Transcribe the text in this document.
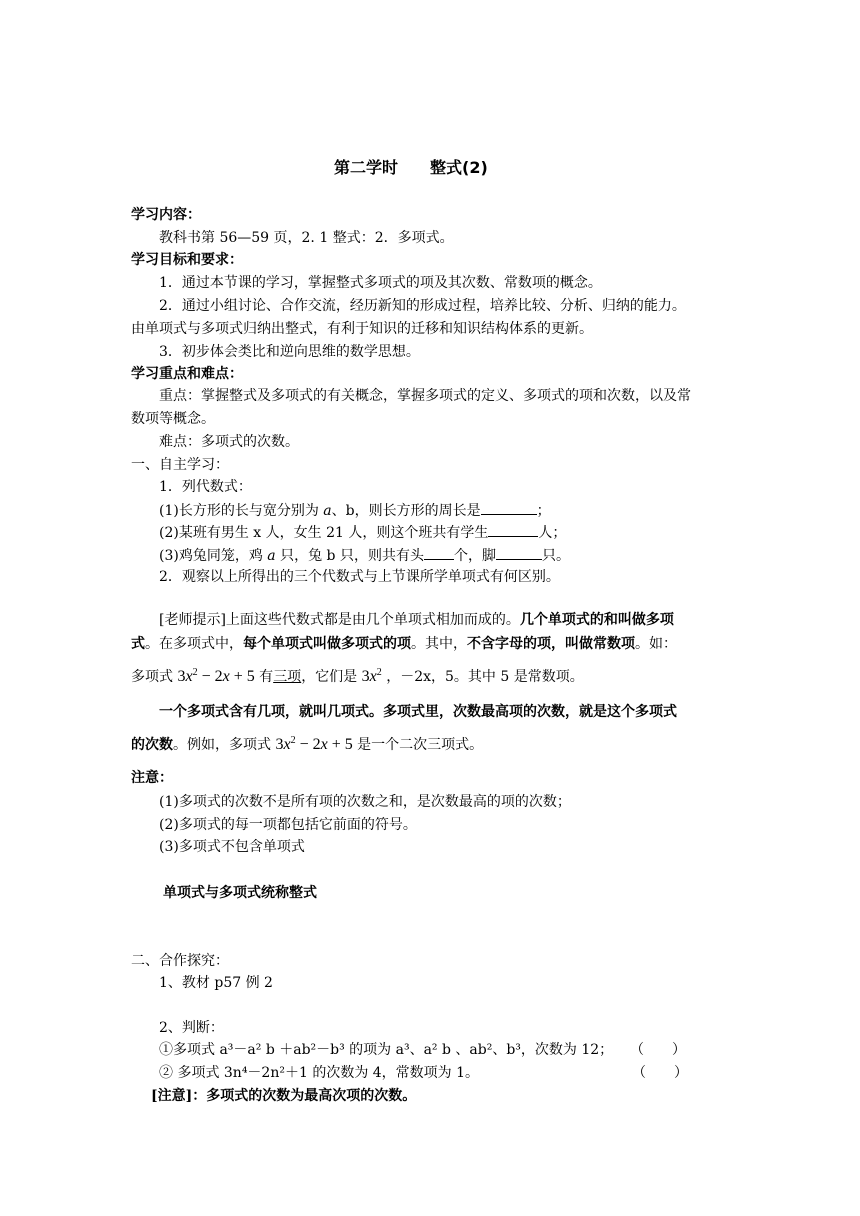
第二学时　　整式(2)
学习内容：
教科书第 56—59 页，2. 1 整式：2．多项式。
学习目标和要求：
1．通过本节课的学习，掌握整式多项式的项及其次数、常数项的概念。
2．通过小组讨论、合作交流，经历新知的形成过程，培养比较、分析、归纳的能力。
由单项式与多项式归纳出整式，有利于知识的迁移和知识结构体系的更新。
3．初步体会类比和逆向思维的数学思想。
学习重点和难点：
重点：掌握整式及多项式的有关概念，掌握多项式的定义、多项式的项和次数，以及常
数项等概念。
难点：多项式的次数。
一、自主学习：
1．列代数式：
(1)长方形的长与宽分别为 a、b，则长方形的周长是	；
(2)某班有男生 x 人，女生 21 人，则这个班共有学生	人；
(3)鸡兔同笼，鸡 a 只，兔 b 只，则共有头 个，脚	只。
2．观察以上所得出的三个代数式与上节课所学单项式有何区别。
[老师提示]上面这些代数式都是由几个单项式相加而成的。几个单项式的和叫做多项
式。在多项式中，每个单项式叫做多项式的项。其中，不含字母的项，叫做常数项。如：
多项式 $3x^2 - 2x + 5$ 有三项，它们是 $3x^2$ ，－2x，5。其中 5 是常数项。
一个多项式含有几项，就叫几项式。多项式里，次数最高项的次数，就是这个多项式
的次数。例如，多项式 $3x^2 - 2x + 5$ 是一个二次三项式。
注意：
(1)多项式的次数不是所有项的次数之和，是次数最高的项的次数；
(2)多项式的每一项都包括它前面的符号。
(3)多项式不包含单项式
单项式与多项式统称整式
二、合作探究：
1、教材 p57 例 2
2、判断：
①多项式 a³－a² b ＋ab²－b³ 的项为 a³、a² b 、ab²、b³，次数为 12； （　　）
② 多项式 3n⁴－2n²＋1 的次数为 4，常数项为 1。	（　　）
[注意]：多项式的次数为最高次项的次数。
